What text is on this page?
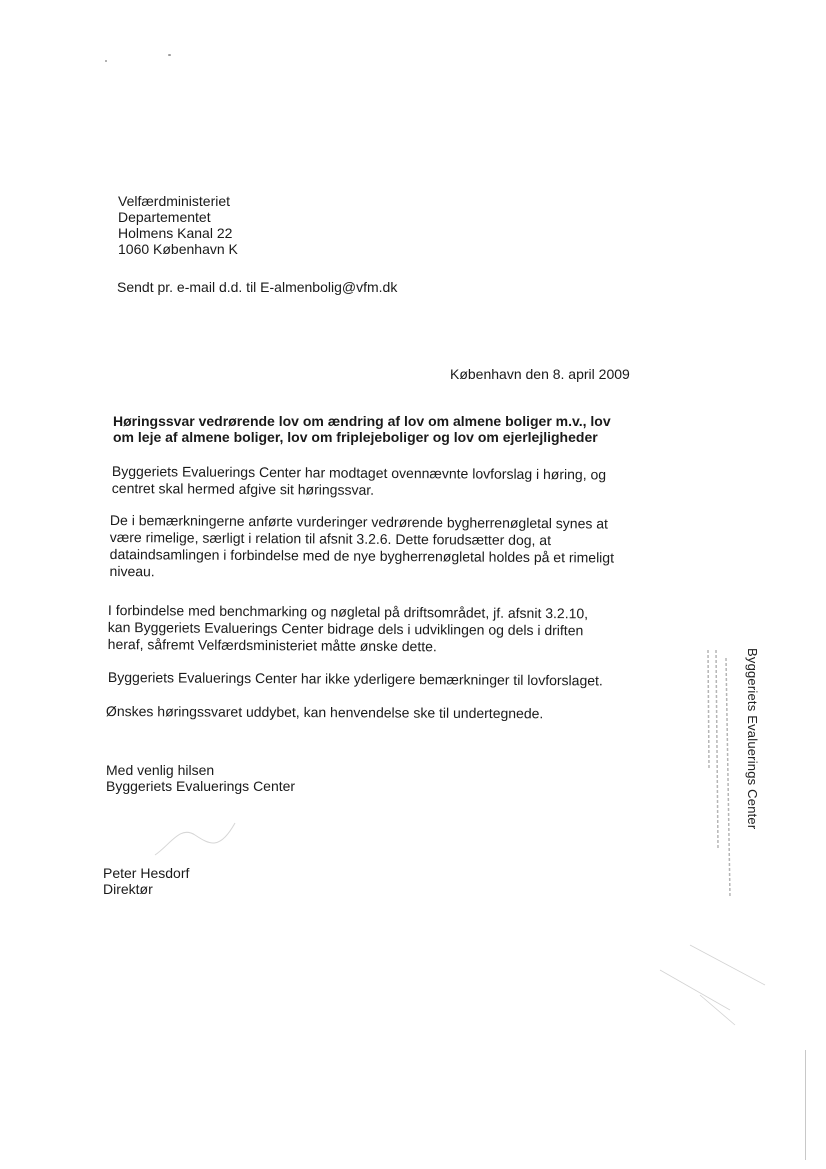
Velfærdministeriet
Departementet
Holmens Kanal 22
1060 København K
Sendt pr. e-mail d.d. til E-almenbolig@vfm.dk
København den 8. april 2009
Høringssvar vedrørende lov om ændring af lov om almene boliger m.v., lov
om leje af almene boliger, lov om friplejeboliger og lov om ejerlejligheder
Byggeriets Evaluerings Center har modtaget ovennævnte lovforslag i høring, og
centret skal hermed afgive sit høringssvar.
De i bemærkningerne anførte vurderinger vedrørende bygherrenøgletal synes at
være rimelige, særligt i relation til afsnit 3.2.6. Dette forudsætter dog, at
dataindsamlingen i forbindelse med de nye bygherrenøgletal holdes på et rimeligt
niveau.
I forbindelse med benchmarking og nøgletal på driftsområdet, jf. afsnit 3.2.10,
kan Byggeriets Evaluerings Center bidrage dels i udviklingen og dels i driften
heraf, såfremt Velfærdsministeriet måtte ønske dette.
Byggeriets Evaluerings Center har ikke yderligere bemærkninger til lovforslaget.
Ønskes høringssvaret uddybet, kan henvendelse ske til undertegnede.
Med venlig hilsen
Byggeriets Evaluerings Center
Peter Hesdorf
Direktør
Byggeriets Evaluerings Center
